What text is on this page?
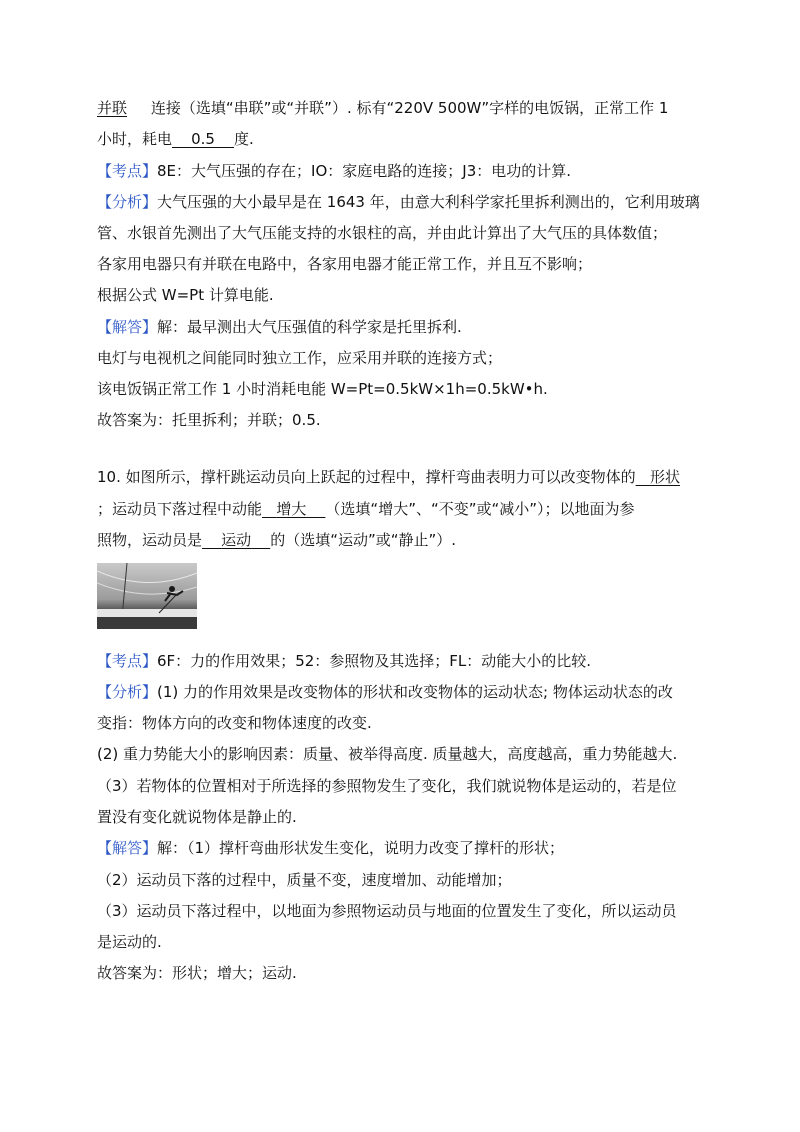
并联 连接（选填“串联”或“并联”）. 标有“220V 500W”字样的电饭锅，正常工作 1
小时，耗电 0.5 度.
【考点】8E：大气压强的存在；IO：家庭电路的连接；J3：电功的计算.
【分析】大气压强的大小最早是在 1643 年，由意大利科学家托里拆利测出的，它利用玻璃
管、水银首先测出了大气压能支持的水银柱的高，并由此计算出了大气压的具体数值；
各家用电器只有并联在电路中，各家用电器才能正常工作，并且互不影响；
根据公式 W=Pt 计算电能.
【解答】解：最早测出大气压强值的科学家是托里拆利.
电灯与电视机之间能同时独立工作，应采用并联的连接方式；
该电饭锅正常工作 1 小时消耗电能 W=Pt=0.5kW×1h=0.5kW•h.
故答案为：托里拆利；并联；0.5.
10. 如图所示，撑杆跳运动员向上跃起的过程中，撑杆弯曲表明力可以改变物体的 形状
；运动员下落过程中动能 增大 （选填“增大”、“不变”或“减小”）；以地面为参
照物，运动员是 运动 的（选填“运动”或“静止”）.
【考点】6F：力的作用效果；52：参照物及其选择；FL：动能大小的比较.
【分析】(1) 力的作用效果是改变物体的形状和改变物体的运动状态; 物体运动状态的改
变指：物体方向的改变和物体速度的改变.
(2) 重力势能大小的影响因素：质量、被举得高度. 质量越大，高度越高，重力势能越大.
（3）若物体的位置相对于所选择的参照物发生了变化，我们就说物体是运动的，若是位
置没有变化就说物体是静止的.
【解答】解：（1）撑杆弯曲形状发生变化，说明力改变了撑杆的形状；
（2）运动员下落的过程中，质量不变，速度增加、动能增加；
（3）运动员下落过程中，以地面为参照物运动员与地面的位置发生了变化，所以运动员
是运动的.
故答案为：形状；增大；运动.
